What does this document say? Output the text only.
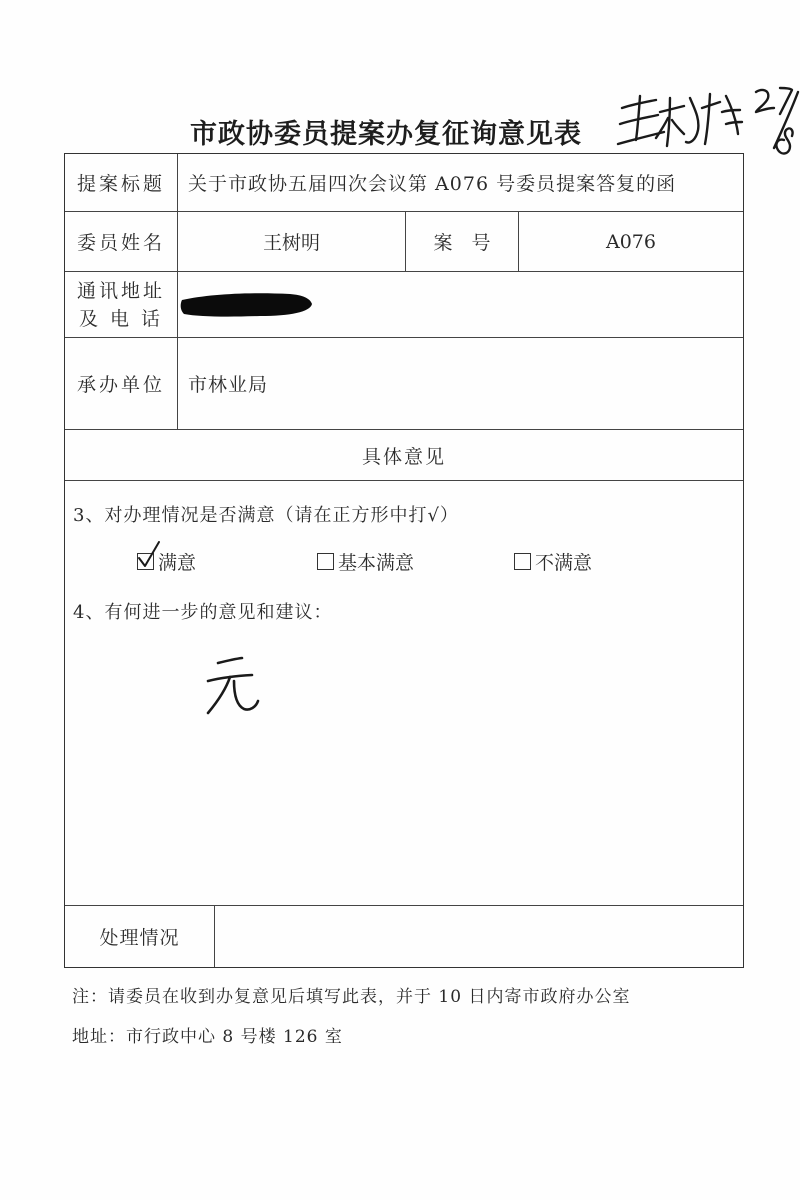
市政协委员提案办复征询意见表
提案标题	关于市政协五届四次会议第 A076 号委员提案答复的函
委员姓名	王树明	案　号	A076
通讯地址
及 电 话
承办单位	市林业局
具体意见
3、对办理情况是否满意（请在正方形中打√）
满意	基本满意	不满意
4、有何进一步的意见和建议：
处理情况
注：请委员在收到办复意见后填写此表，并于 10 日内寄市政府办公室
地址：市行政中心 8 号楼 126 室
